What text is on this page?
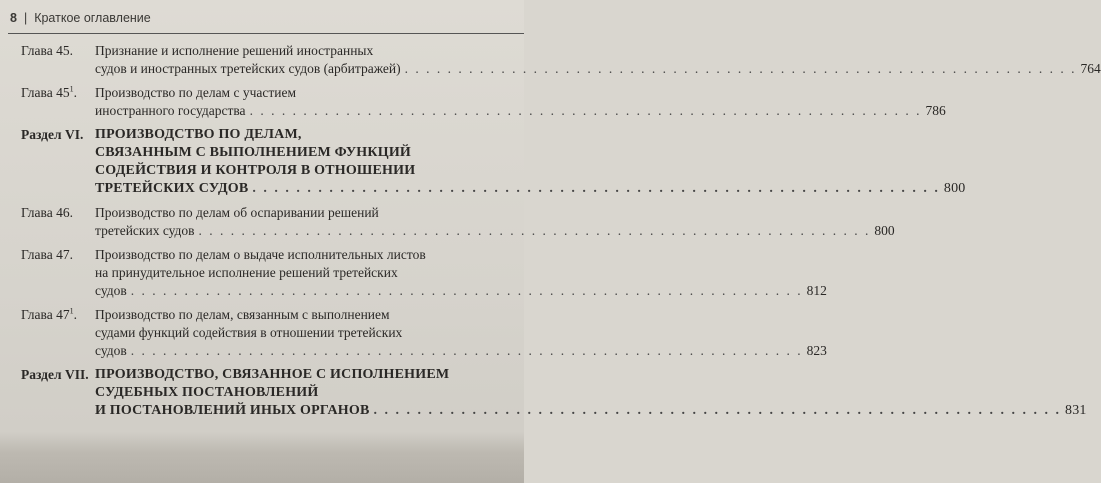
8 | Краткое оглавление
Глава 45.	Признание и исполнение решений иностранных
судов и иностранных третейских судов (арбитражей) . . .	764
Глава $45^1$.	Производство по делам с участием
иностранного государства . . .	786
Раздел VI. ПРОИЗВОДСТВО ПО ДЕЛАМ,
СВЯЗАННЫМ С ВЫПОЛНЕНИЕМ ФУНКЦИЙ
СОДЕЙСТВИЯ И КОНТРОЛЯ В ОТНОШЕНИИ
ТРЕТЕЙСКИХ СУДОВ . . .	800
Глава 46.	Производство по делам об оспаривании решений
третейских судов . . .	800
Глава 47.	Производство по делам о выдаче исполнительных листов
на принудительное исполнение решений третейских
судов . . .	812
Глава $47^1$.	Производство по делам, связанным с выполнением
судами функций содействия в отношении третейских
судов . . .	823
Раздел VII. ПРОИЗВОДСТВО, СВЯЗАННОЕ С ИСПОЛНЕНИЕМ
СУДЕБНЫХ ПОСТАНОВЛЕНИЙ
И ПОСТАНОВЛЕНИЙ ИНЫХ ОРГАНОВ . . .	831
